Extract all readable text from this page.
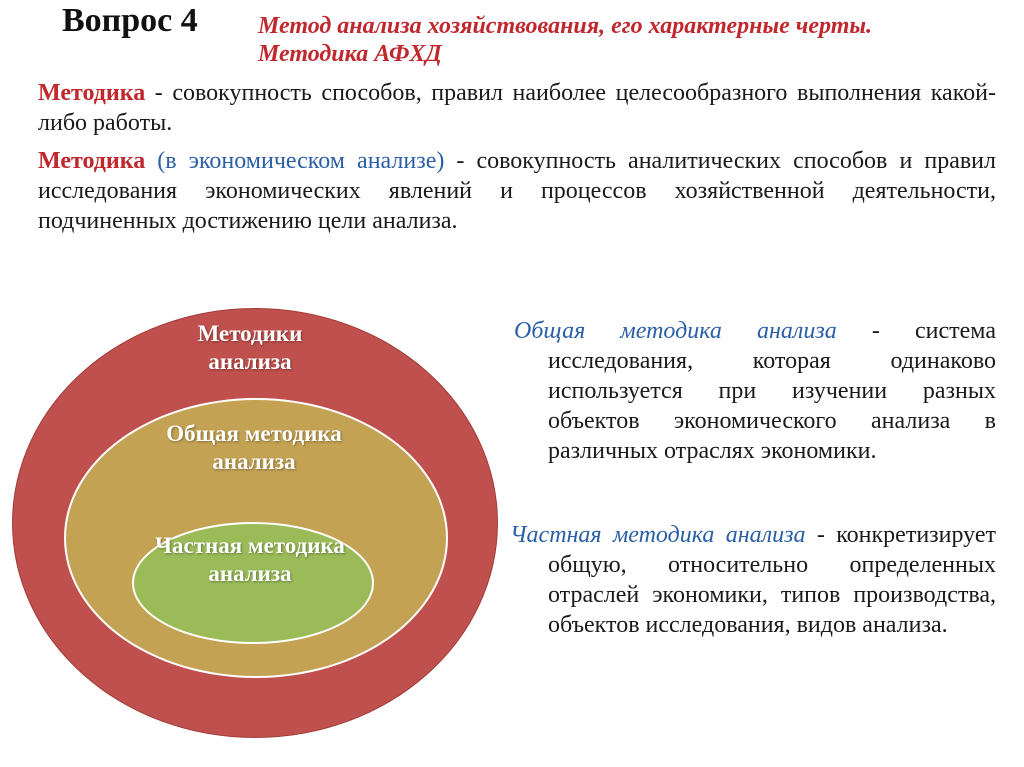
Вопрос 4	Метод анализа хозяйствования, его характерные черты.
Методика АФХД
Методика - совокупность способов, правил наиболее целесообразного выполнения какой-либо работы.
Методика (в экономическом анализе) - совокупность аналитических способов и правил исследования экономических явлений и процессов хозяйственной деятельности, подчиненных достижению цели анализа.
Методики анализа
Общая методика анализа
Частная методика анализа
Общая методика анализа - система исследования, которая одинаково используется при изучении разных объектов экономического анализа в различных отраслях экономики.
Частная методика анализа - конкретизирует общую, относительно определенных отраслей экономики, типов производства, объектов исследования, видов анализа.
